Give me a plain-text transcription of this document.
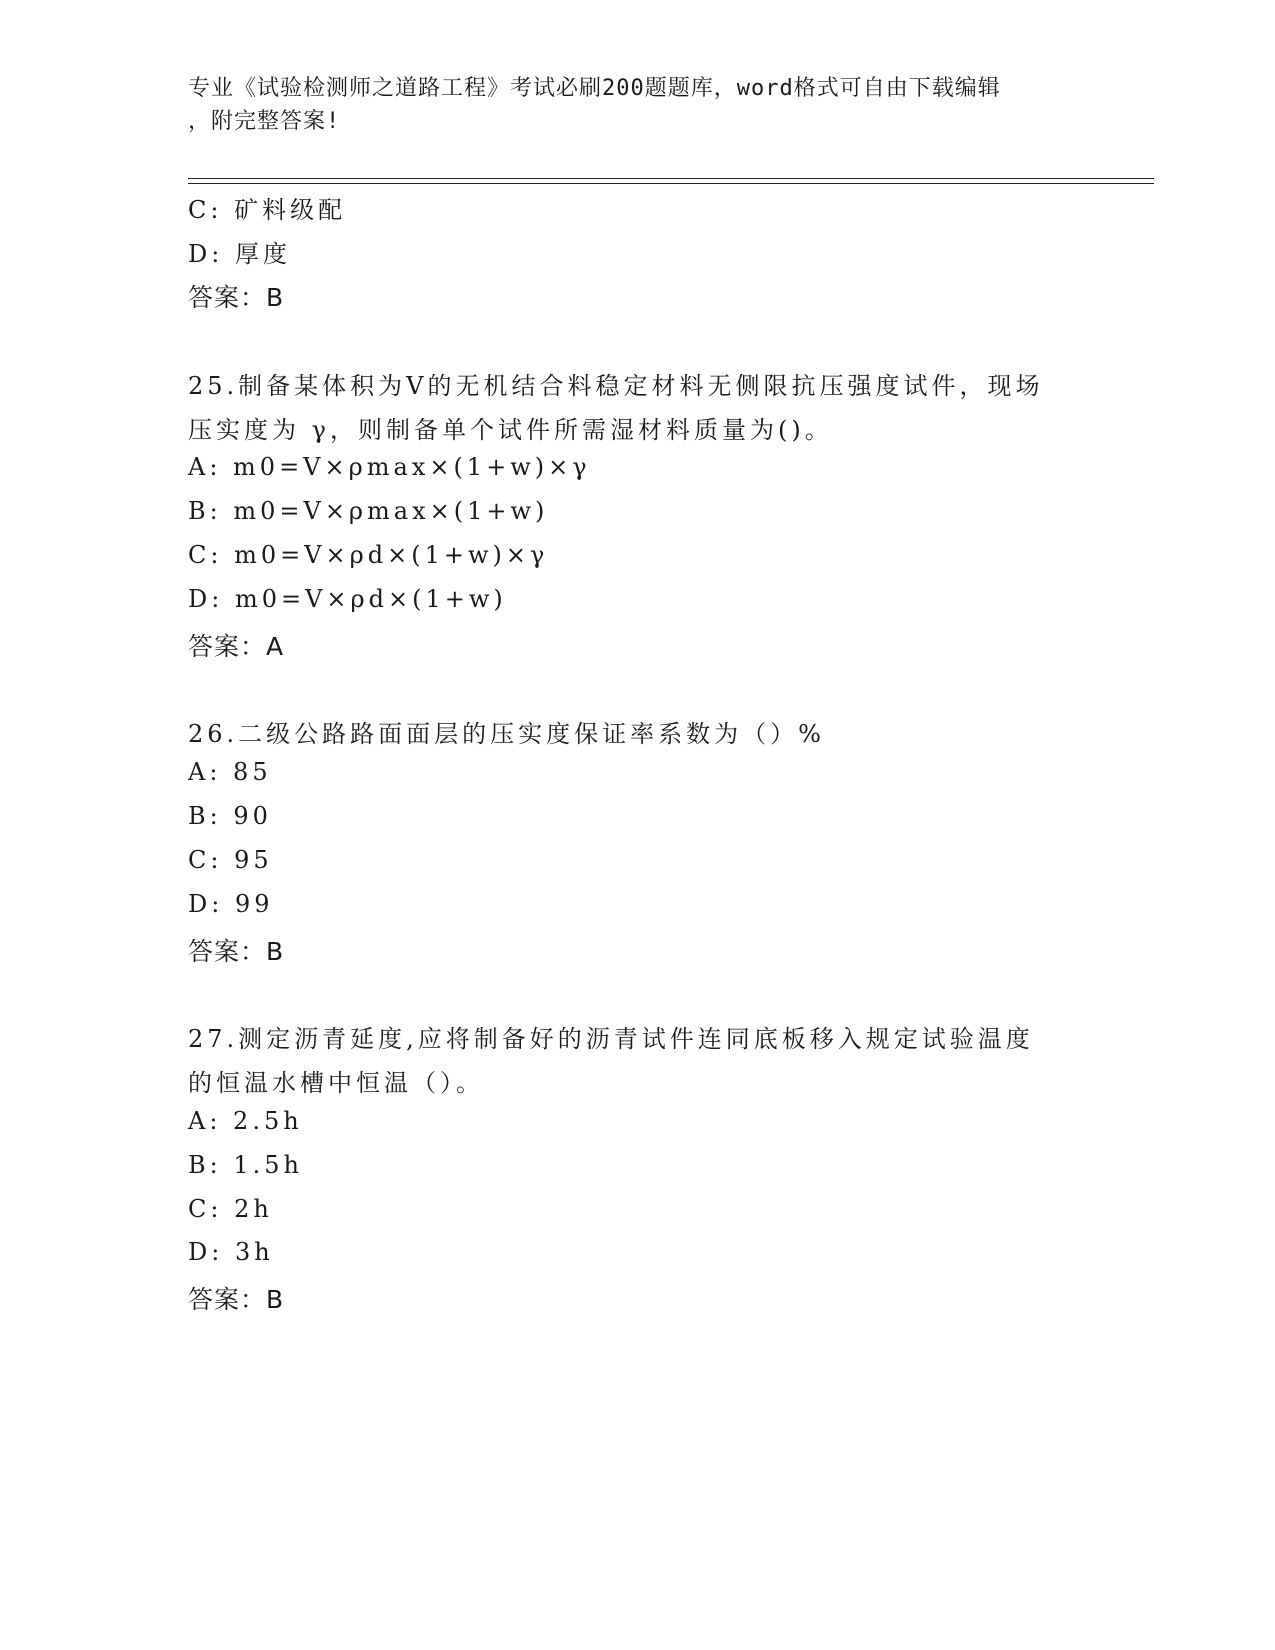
专业《试验检测师之道路工程》考试必刷200题题库，word格式可自由下载编辑
，附完整答案!
C: 矿料级配
D: 厚度
答案：B
25.制备某体积为V的无机结合料稳定材料无侧限抗压强度试件，现场
压实度为 γ，则制备单个试件所需湿材料质量为()。
A: m0=V×ρmax×(1+w)×γ
B: m0=V×ρmax×(1+w)
C: m0=V×ρd×(1+w)×γ
D: m0=V×ρd×(1+w)
答案：A
26.二级公路路面面层的压实度保证率系数为（）%
A: 85
B: 90
C: 95
D: 99
答案：B
27.测定沥青延度,应将制备好的沥青试件连同底板移入规定试验温度
的恒温水槽中恒温（）。
A: 2.5h
B: 1.5h
C: 2h
D: 3h
答案：B
